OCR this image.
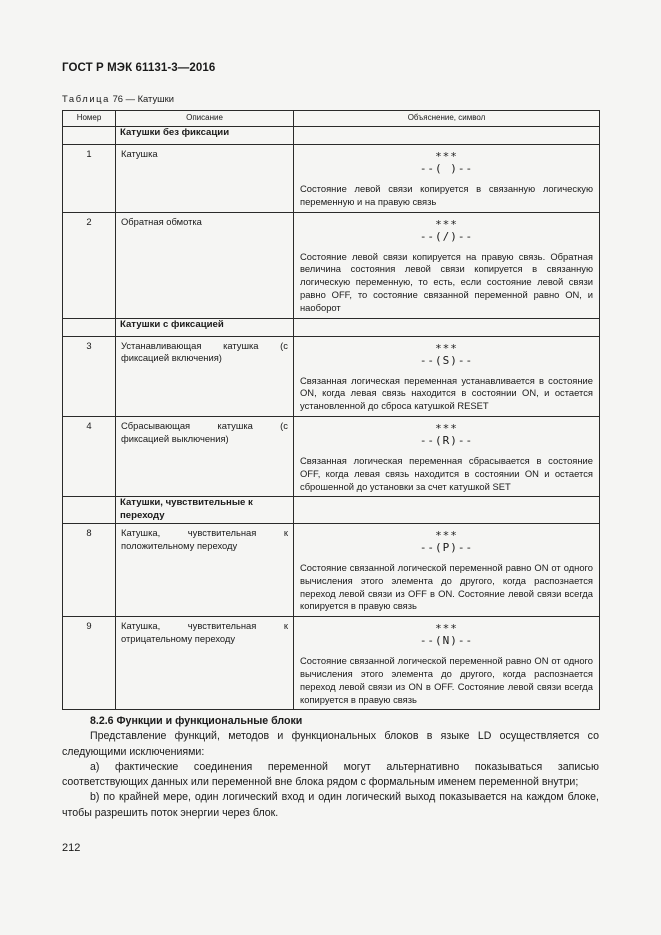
ГОСТ Р МЭК 61131-3—2016
Таблица 76 — Катушки
Номер	Описание	Объяснение, символ
	Катушки без фиксации	
1	Катушка	***
--( )--
Состояние левой связи копируется в связанную логическую переменную и на правую связь

2	Обратная обмотка	***
--(/)--
Состояние левой связи копируется на правую связь. Обратная величина состояния левой связи копируется в связанную логическую переменную, то есть, если состояние левой связи равно OFF, то состояние связанной переменной равно ON, и наоборот

	Катушки с фиксацией	
3	Устанавливающая катушка (с фиксацией включения)	***
--(S)--
Связанная логическая переменная устанавливается в состояние ON, когда левая связь находится в состоянии ON, и остается установленной до сброса катушкой RESET

4	Сбрасывающая катушка (с фиксацией выключения)	***
--(R)--
Связанная логическая переменная сбрасывается в состояние OFF, когда левая связь находится в состоянии ON и остается сброшенной до установки за счет катушкой SET

	Катушки, чувствительные к переходу	
8	Катушка, чувствительная к положительному переходу	***
--(P)--
Состояние связанной логической переменной равно ON от одного вычисления этого элемента до другого, когда распознается переход левой связи из OFF в ON. Состояние левой связи всегда копируется в правую связь

9	Катушка, чувствительная к отрицательному переходу	***
--(N)--
Состояние связанной логической переменной равно ON от одного вычисления этого элемента до другого, когда распознается переход левой связи из ON в OFF. Состояние левой связи всегда копируется в правую связь

8.2.6 Функции и функциональные блоки

Представление функций, методов и функциональных блоков в языке LD осуществляется со следующими исключениями:

a) фактические соединения переменной могут альтернативно показываться записью соответствующих данных или переменной вне блока рядом с формальным именем переменной внутри;

b) по крайней мере, один логический вход и один логический выход показывается на каждом блоке, чтобы разрешить поток энергии через блок.

212
